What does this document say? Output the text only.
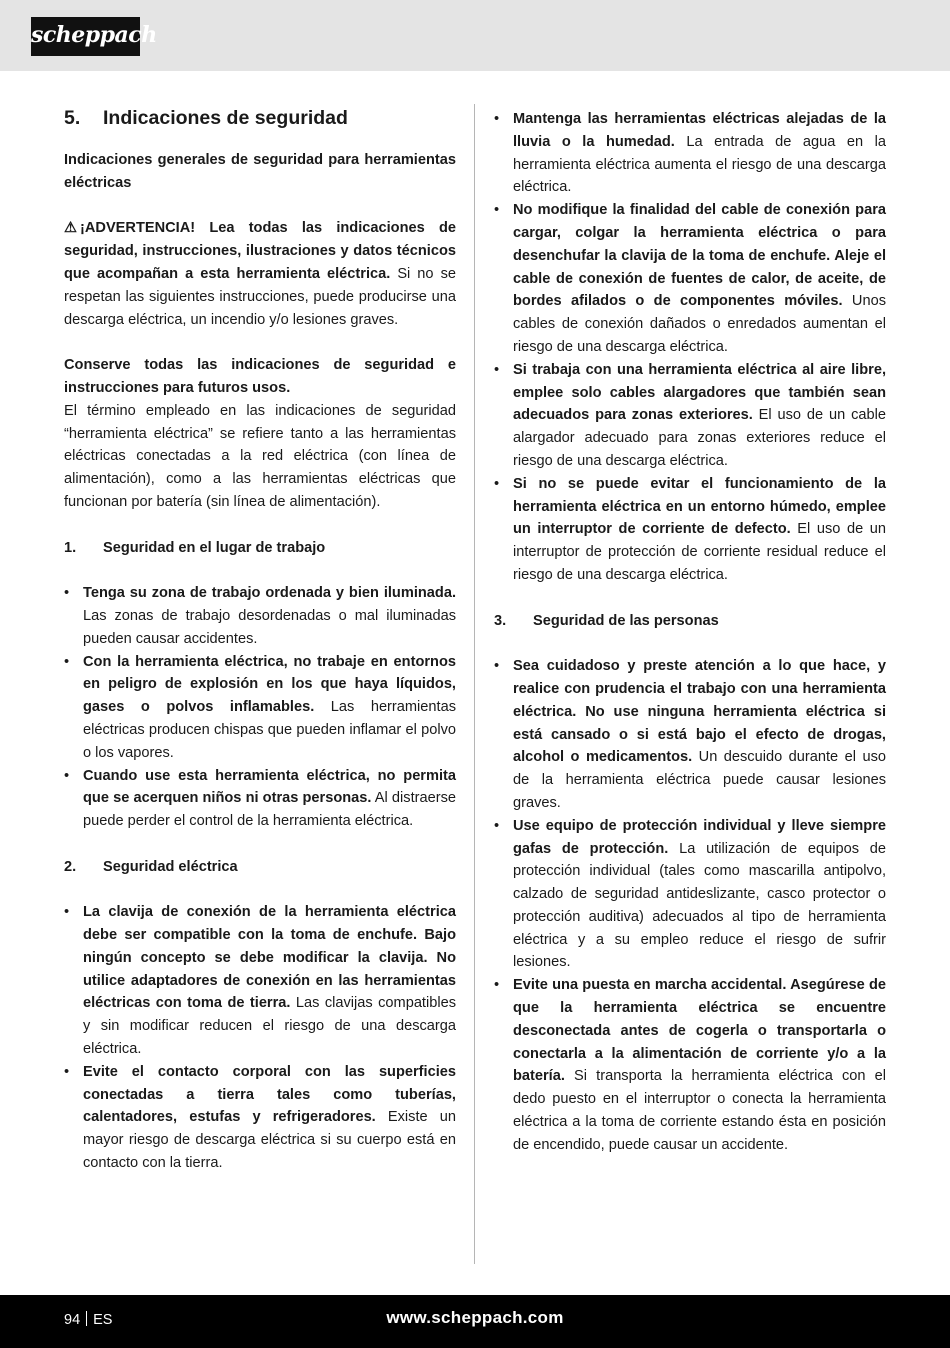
scheppach
5.	Indicaciones de seguridad

Indicaciones generales de seguridad para herramientas eléctricas

⚠ ¡ADVERTENCIA! Lea todas las indicaciones de seguridad, instrucciones, ilustraciones y datos técnicos que acompañan a esta herramienta eléctrica. Si no se respetan las siguientes instrucciones, puede producirse una descarga eléctrica, un incendio y/o lesiones graves.

Conserve todas las indicaciones de seguridad e instrucciones para futuros usos.

El término empleado en las indicaciones de seguridad “herramienta eléctrica” se refiere tanto a las herramientas eléctricas conectadas a la red eléctrica (con línea de alimentación), como a las herramientas eléctricas que funcionan por batería (sin línea de alimentación).

1.	Seguridad en el lugar de trabajo
• Tenga su zona de trabajo ordenada y bien iluminada. Las zonas de trabajo desordenadas o mal iluminadas pueden causar accidentes.
• Con la herramienta eléctrica, no trabaje en entornos en peligro de explosión en los que haya líquidos, gases o polvos inflamables. Las herramientas eléctricas producen chispas que pueden inflamar el polvo o los vapores.
• Cuando use esta herramienta eléctrica, no permita que se acerquen niños ni otras personas. Al distraerse puede perder el control de la herramienta eléctrica.
2.	Seguridad eléctrica
• La clavija de conexión de la herramienta eléctrica debe ser compatible con la toma de enchufe. Bajo ningún concepto se debe modificar la clavija. No utilice adaptadores de conexión en las herramientas eléctricas con toma de tierra. Las clavijas compatibles y sin modificar reducen el riesgo de una descarga eléctrica.
• Evite el contacto corporal con las superficies conectadas a tierra tales como tuberías, calentadores, estufas y refrigeradores. Existe un mayor riesgo de descarga eléctrica si su cuerpo está en contacto con la tierra.
• Mantenga las herramientas eléctricas alejadas de la lluvia o la humedad. La entrada de agua en la herramienta eléctrica aumenta el riesgo de una descarga eléctrica.
• No modifique la finalidad del cable de conexión para cargar, colgar la herramienta eléctrica o para desenchufar la clavija de la toma de enchufe. Aleje el cable de conexión de fuentes de calor, de aceite, de bordes afilados o de componentes móviles. Unos cables de conexión dañados o enredados aumentan el riesgo de una descarga eléctrica.
• Si trabaja con una herramienta eléctrica al aire libre, emplee solo cables alargadores que también sean adecuados para zonas exteriores. El uso de un cable alargador adecuado para zonas exteriores reduce el riesgo de una descarga eléctrica.
• Si no se puede evitar el funcionamiento de la herramienta eléctrica en un entorno húmedo, emplee un interruptor de corriente de defecto. El uso de un interruptor de protección de corriente residual reduce el riesgo de una descarga eléctrica.
3.	Seguridad de las personas
• Sea cuidadoso y preste atención a lo que hace, y realice con prudencia el trabajo con una herramienta eléctrica. No use ninguna herramienta eléctrica si está cansado o si está bajo el efecto de drogas, alcohol o medicamentos. Un descuido durante el uso de la herramienta eléctrica puede causar lesiones graves.
• Use equipo de protección individual y lleve siempre gafas de protección. La utilización de equipos de protección individual (tales como mascarilla antipolvo, calzado de seguridad antideslizante, casco protector o protección auditiva) adecuados al tipo de herramienta eléctrica y a su empleo reduce el riesgo de sufrir lesiones.
• Evite una puesta en marcha accidental. Asegúrese de que la herramienta eléctrica se encuentre desconectada antes de cogerla o transportarla o conectarla a la alimentación de corriente y/o a la batería. Si transporta la herramienta eléctrica con el dedo puesto en el interruptor o conecta la herramienta eléctrica a la toma de corriente estando ésta en posición de encendido, puede causar un accidente.
94 ES	www.scheppach.com
